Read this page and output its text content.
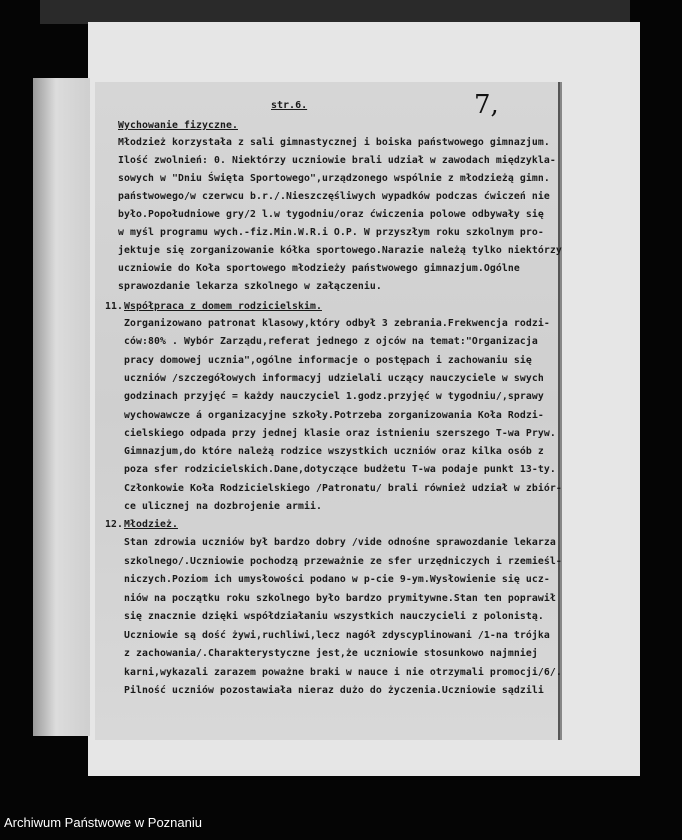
str.6.	7,
Wychowanie fizyczne.
Młodzież korzystała z sali gimnastycznej i boiska państwowego gimnazjum.
Ilość zwolnień: 0. Niektórzy uczniowie brali udział w zawodach międzykla-
sowych w "Dniu Święta Sportowego",urządzonego wspólnie z młodzieżą gimn.
państwowego/w czerwcu b.r./.Nieszczęśliwych wypadków podczas ćwiczeń nie
było.Popołudniowe gry/2 l.w tygodniu/oraz ćwiczenia polowe odbywały się
w myśl programu wych.-fiz.Min.W.R.i O.P. W przyszłym roku szkolnym pro-
jektuje się zorganizowanie kółka sportowego.Narazie należą tylko niektórzy
uczniowie do Koła sportowego młodzieży państwowego gimnazjum.Ogólne
sprawozdanie lekarza szkolnego w załączeniu.
11. Współpraca z domem rodzicielskim.
Zorganizowano patronat klasowy,który odbył 3 zebrania.Frekwencja rodzi-
ców:80% . Wybór Zarządu,referat jednego z ojców na temat:"Organizacja
pracy domowej ucznia",ogólne informacje o postępach i zachowaniu się
uczniów /szczegółowych informacyj udzielali uczący nauczyciele w swych
godzinach przyjęć = każdy nauczyciel 1.godz.przyjęć w tygodniu/,sprawy
wychowawcze á organizacyjne szkoły.Potrzeba zorganizowania Koła Rodzi-
cielskiego odpada przy jednej klasie oraz istnieniu szerszego T-wa Pryw.
Gimnazjum,do które należą rodzice wszystkich uczniów oraz kilka osób z
poza sfer rodzicielskich.Dane,dotyczące budżetu T-wa podaje punkt 13-ty.
Członkowie Koła Rodzicielskiego /Patronatu/ brali również udział w zbiór-
ce ulicznej na dozbrojenie armii.
12. Młodzież.
Stan zdrowia uczniów był bardzo dobry /vide odnośne sprawozdanie lekarza
szkolnego/.Uczniowie pochodzą przeważnie ze sfer urzędniczych i rzemieśl-
niczych.Poziom ich umysłowości podano w p-cie 9-ym.Wysłowienie się ucz-
niów na początku roku szkolnego było bardzo prymitywne.Stan ten poprawił
się znacznie dzięki współdziałaniu wszystkich nauczycieli z polonistą.
Uczniowie są dość żywi,ruchliwi,lecz nagół zdyscyplinowani /1-na trójka
z zachowania/.Charakterystyczne jest,że uczniowie stosunkowo najmniej
karni,wykazali zarazem poważne braki w nauce i nie otrzymali promocji/6/.
Pilność uczniów pozostawiała nieraz dużo do życzenia.Uczniowie sądzili
Archiwum Państwowe w Poznaniu
